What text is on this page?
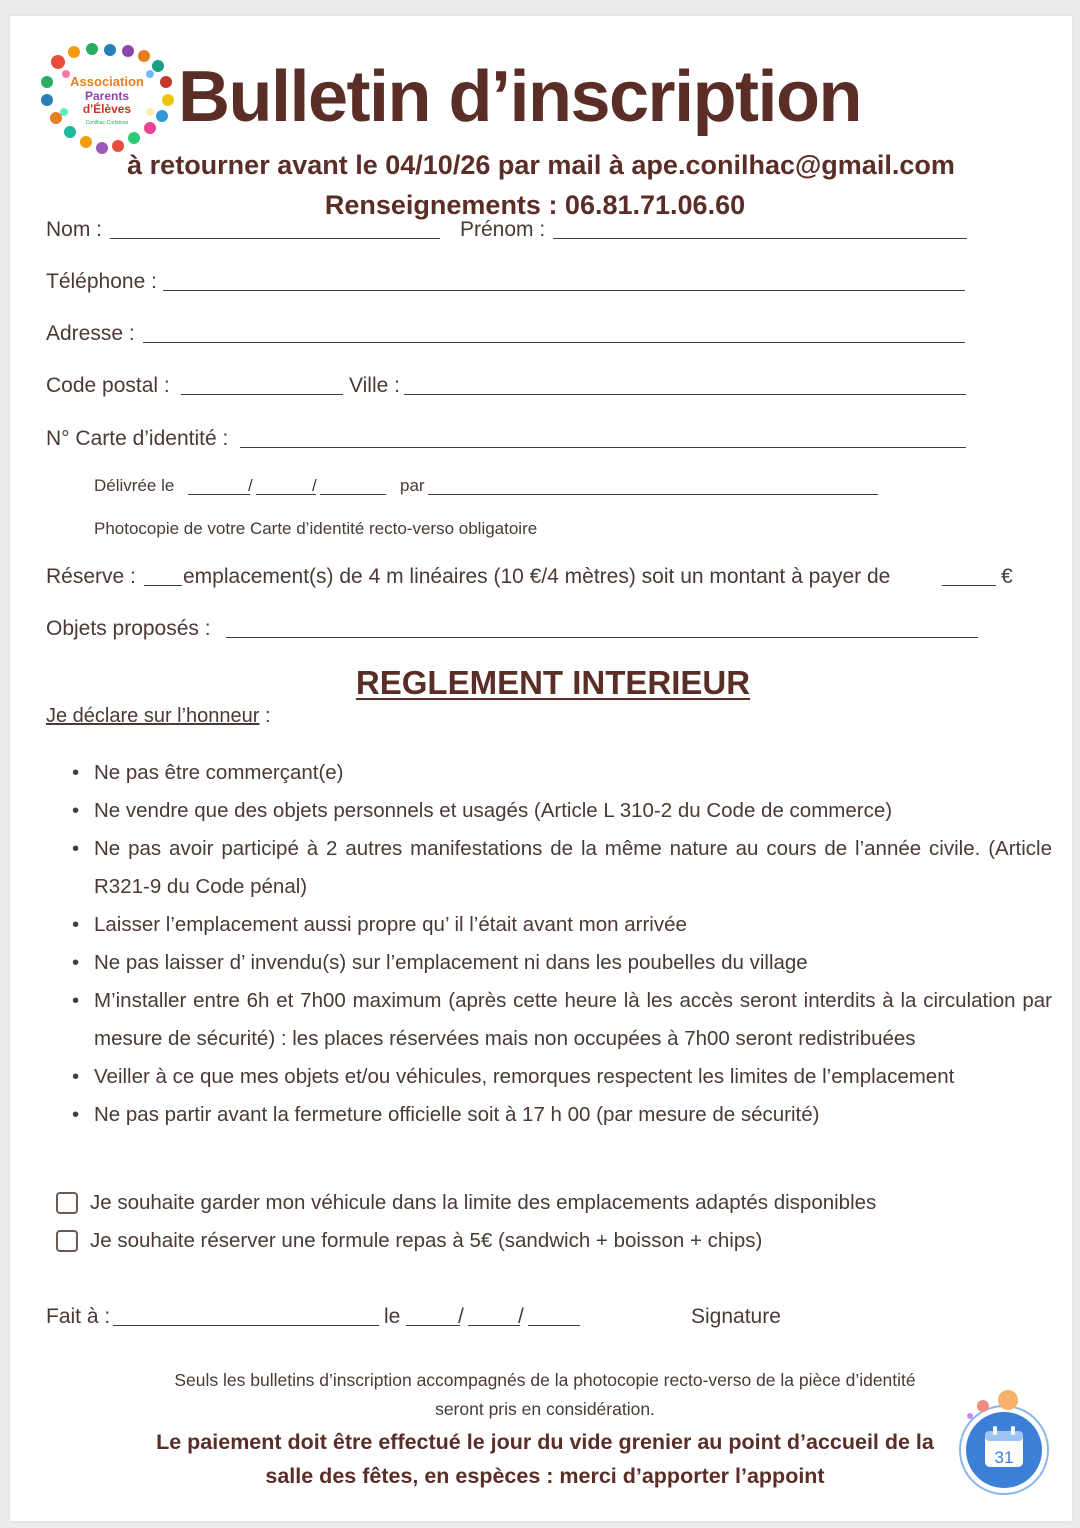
Association
Parents
d'Élèves
Conilhac-Corbières Bulletin d’inscription
à retourner avant le 04/10/26 par mail à ape.conilhac@gmail.com
Renseignements : 06.81.71.06.60
Nom :	Prénom :
Téléphone :
Adresse :
Code postal :	Ville :
N° Carte d’identité :
Délivrée le	/	/	par
Photocopie de votre Carte d’identité recto-verso obligatoire
Réserve : emplacement(s) de 4 m linéaires (10 €/4 mètres) soit un montant à payer de	€
Objets proposés :
REGLEMENT INTERIEUR
Je déclare sur l’honneur :
• Ne pas être commerçant(e)
• Ne vendre que des objets personnels et usagés (Article L 310-2 du Code de commerce)
• Ne pas avoir participé à 2 autres manifestations de la même nature au cours de l’année civile. (Article R321-9 du Code pénal)
• Laisser l’emplacement aussi propre qu’ il l’était avant mon arrivée
• Ne pas laisser d’ invendu(s) sur l’emplacement ni dans les poubelles du village
• M’installer entre 6h et 7h00 maximum (après cette heure là les accès seront interdits à la circulation par mesure de sécurité) : les places réservées mais non occupées à 7h00 seront redistribuées
• Veiller à ce que mes objets et/ou véhicules, remorques respectent les limites de l’emplacement
• Ne pas partir avant la fermeture officielle soit à 17 h 00 (par mesure de sécurité)
Je souhaite garder mon véhicule dans la limite des emplacements adaptés disponibles
Je souhaite réserver une formule repas à 5€ (sandwich + boisson + chips)
Fait à :	le	/	/	Signature
Seuls les bulletins d’inscription accompagnés de la photocopie recto-verso de la pièce d’identité
seront pris en considération.
Le paiement doit être effectué le jour du vide grenier au point d’accueil de la
salle des fêtes, en espèces : merci d’apporter l’appoint
31
